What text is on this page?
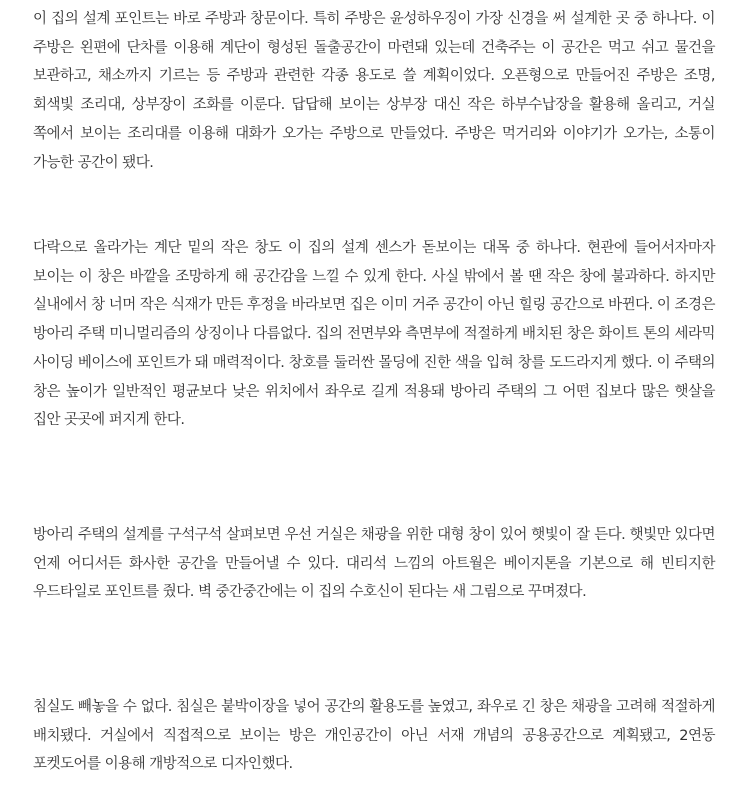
이 집의 설계 포인트는 바로 주방과 창문이다. 특히 주방은 윤성하우징이 가장 신경을 써 설계한 곳 중 하나다. 이 주방은 왼편에 단차를 이용해 계단이 형성된 돌출공간이 마련돼 있는데 건축주는 이 공간은 먹고 쉬고 물건을 보관하고, 채소까지 기르는 등 주방과 관련한 각종 용도로 쓸 계획이었다. 오픈형으로 만들어진 주방은 조명, 회색빛 조리대, 상부장이 조화를 이룬다. 답답해 보이는 상부장 대신 작은 하부수납장을 활용해 올리고, 거실 쪽에서 보이는 조리대를 이용해 대화가 오가는 주방으로 만들었다. 주방은 먹거리와 이야기가 오가는, 소통이 가능한 공간이 됐다.

다락으로 올라가는 계단 밑의 작은 창도 이 집의 설계 센스가 돋보이는 대목 중 하나다. 현관에 들어서자마자 보이는 이 창은 바깥을 조망하게 해 공간감을 느낄 수 있게 한다. 사실 밖에서 볼 땐 작은 창에 불과하다. 하지만 실내에서 창 너머 작은 식재가 만든 후정을 바라보면 집은 이미 거주 공간이 아닌 힐링 공간으로 바뀐다. 이 조경은 방아리 주택 미니멀리즘의 상징이나 다름없다. 집의 전면부와 측면부에 적절하게 배치된 창은 화이트 톤의 세라믹 사이딩 베이스에 포인트가 돼 매력적이다. 창호를 둘러싼 몰딩에 진한 색을 입혀 창를 도드라지게 했다. 이 주택의 창은 높이가 일반적인 평균보다 낮은 위치에서 좌우로 길게 적용돼 방아리 주택의 그 어떤 집보다 많은 햇살을 집안 곳곳에 퍼지게 한다.

방아리 주택의 설계를 구석구석 살펴보면 우선 거실은 채광을 위한 대형 창이 있어 햇빛이 잘 든다. 햇빛만 있다면 언제 어디서든 화사한 공간을 만들어낼 수 있다. 대리석 느낌의 아트월은 베이지톤을 기본으로 해 빈티지한 우드타일로 포인트를 줬다. 벽 중간중간에는 이 집의 수호신이 된다는 새 그림으로 꾸며졌다.

침실도 빼놓을 수 없다. 침실은 붙박이장을 넣어 공간의 활용도를 높였고, 좌우로 긴 창은 채광을 고려해 적절하게 배치됐다. 거실에서 직접적으로 보이는 방은 개인공간이 아닌 서재 개념의 공용공간으로 계획됐고, 2연동 포켓도어를 이용해 개방적으로 디자인했다.
